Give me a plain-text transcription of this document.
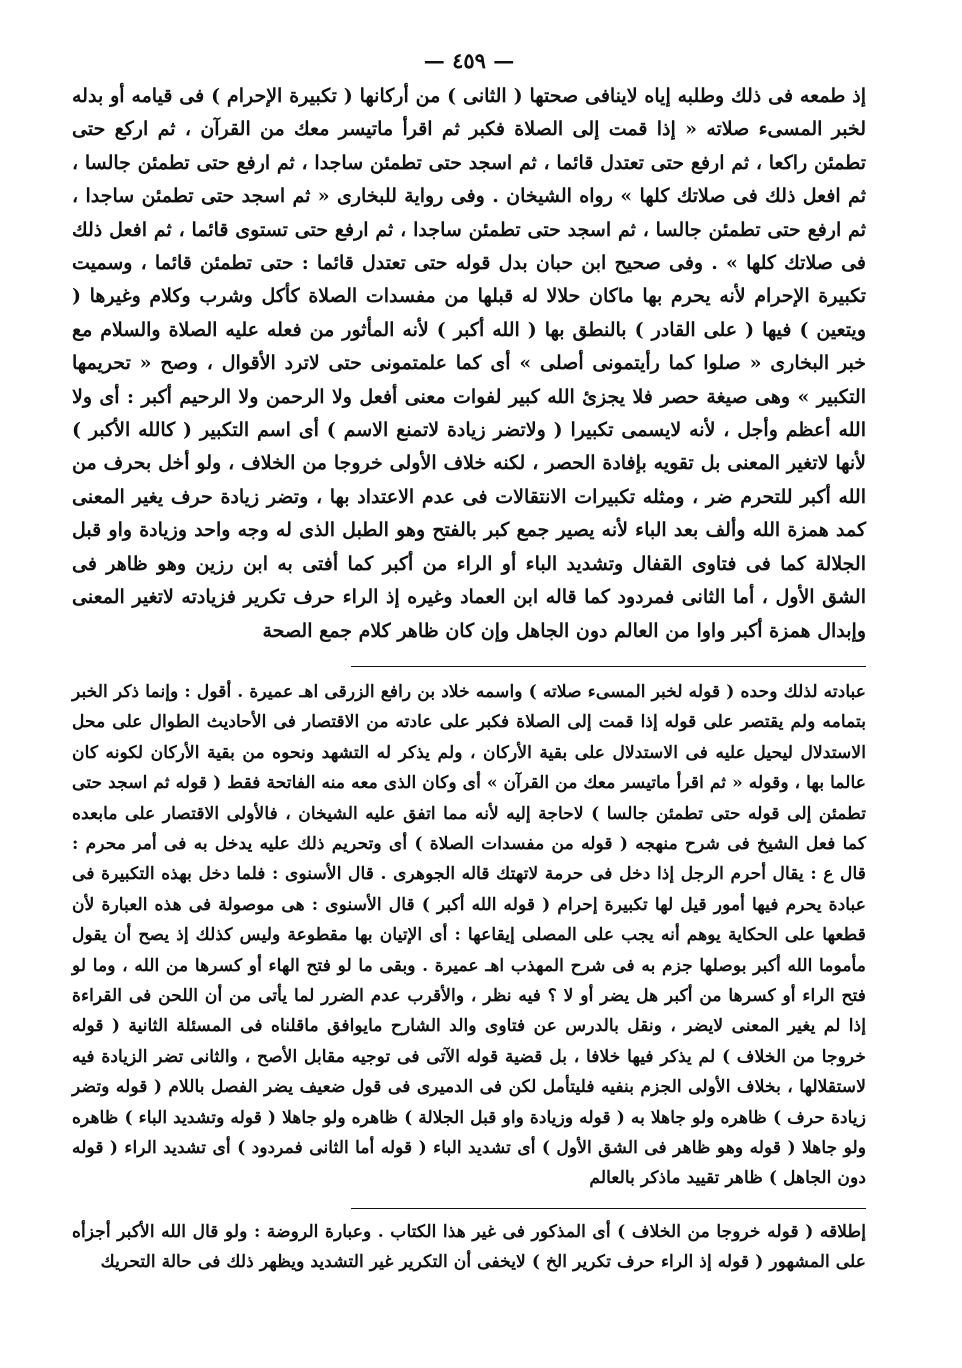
— ٤٥٩ —

إذ طمعه فى ذلك وطلبه إياه لاينافى صحتها ( الثانى ) من أركانها ( تكبيرة الإحرام ) فى قيامه أو بدله لخبر المسىء صلاته « إذا قمت إلى الصلاة فكبر ثم اقرأ ماتيسر معك من القرآن ، ثم اركع حتى تطمئن راكعا ، ثم ارفع حتى تعتدل قائما ، ثم اسجد حتى تطمئن ساجدا ، ثم ارفع حتى تطمئن جالسا ، ثم افعل ذلك فى صلاتك كلها » رواه الشيخان . وفى رواية للبخارى « ثم اسجد حتى تطمئن ساجدا ، ثم ارفع حتى تطمئن جالسا ، ثم اسجد حتى تطمئن ساجدا ، ثم ارفع حتى تستوى قائما ، ثم افعل ذلك فى صلاتك كلها » . وفى صحيح ابن حبان بدل قوله حتى تعتدل قائما : حتى تطمئن قائما ، وسميت تكبيرة الإحرام لأنه يحرم بها ماكان حلالا له قبلها من مفسدات الصلاة كأكل وشرب وكلام وغيرها ( ويتعين ) فيها ( على القادر ) بالنطق بها ( الله أكبر ) لأنه المأثور من فعله عليه الصلاة والسلام مع خبر البخارى « صلوا كما رأيتمونى أصلى » أى كما علمتمونى حتى لاترد الأقوال ، وصح « تحريمها التكبير » وهى صيغة حصر فلا يجزئ الله كبير لفوات معنى أفعل ولا الرحمن ولا الرحيم أكبر : أى ولا الله أعظم وأجل ، لأنه لايسمى تكبيرا ( ولاتضر زيادة لاتمنع الاسم ) أى اسم التكبير ( كالله الأكبر ) لأنها لاتغير المعنى بل تقويه بإفادة الحصر ، لكنه خلاف الأولى خروجا من الخلاف ، ولو أخل بحرف من الله أكبر للتحرم ضر ، ومثله تكبيرات الانتقالات فى عدم الاعتداد بها ، وتضر زيادة حرف يغير المعنى كمد همزة الله وألف بعد الباء لأنه يصير جمع كبر بالفتح وهو الطبل الذى له وجه واحد وزيادة واو قبل الجلالة كما فى فتاوى القفال وتشديد الباء أو الراء من أكبر كما أفتى به ابن رزين وهو ظاهر فى الشق الأول ، أما الثانى فمردود كما قاله ابن العماد وغيره إذ الراء حرف تكرير فزيادته لاتغير المعنى وإبدال همزة أكبر واوا من العالم دون الجاهل وإن كان ظاهر كلام جمع الصحة

عبادته لذلك وحده ( قوله لخبر المسىء صلاته ) واسمه خلاد بن رافع الزرقى اهـ عميرة . أقول : وإنما ذكر الخبر بتمامه ولم يقتصر على قوله إذا قمت إلى الصلاة فكبر على عادته من الاقتصار فى الأحاديث الطوال على محل الاستدلال ليحيل عليه فى الاستدلال على بقية الأركان ، ولم يذكر له التشهد ونحوه من بقية الأركان لكونه كان عالما بها ، وقوله « ثم اقرأ ماتيسر معك من القرآن » أى وكان الذى معه منه الفاتحة فقط ( قوله ثم اسجد حتى تطمئن إلى قوله حتى تطمئن جالسا ) لاحاجة إليه لأنه مما اتفق عليه الشيخان ، فالأولى الاقتصار على مابعده كما فعل الشيخ فى شرح منهجه ( قوله من مفسدات الصلاة ) أى وتحريم ذلك عليه يدخل به فى أمر محرم : قال ع : يقال أحرم الرجل إذا دخل فى حرمة لاتهتك قاله الجوهرى . قال الأسنوى : فلما دخل بهذه التكبيرة فى عبادة يحرم فيها أمور قيل لها تكبيرة إحرام ( قوله الله أكبر ) قال الأسنوى : هى موصولة فى هذه العبارة لأن قطعها على الحكاية يوهم أنه يجب على المصلى إيقاعها : أى الإتيان بها مقطوعة وليس كذلك إذ يصح أن يقول مأموما الله أكبر بوصلها جزم به فى شرح المهذب اهـ عميرة . وبقى ما لو فتح الهاء أو كسرها من الله ، وما لو فتح الراء أو كسرها من أكبر هل يضر أو لا ؟ فيه نظر ، والأقرب عدم الضرر لما يأتى من أن اللحن فى القراءة إذا لم يغير المعنى لايضر ، ونقل بالدرس عن فتاوى والد الشارح مايوافق ماقلناه فى المسئلة الثانية ( قوله خروجا من الخلاف ) لم يذكر فيها خلافا ، بل قضية قوله الآتى فى توجيه مقابل الأصح ، والثانى تضر الزيادة فيه لاستقلالها ، بخلاف الأولى الجزم بنفيه فليتأمل لكن فى الدميرى فى قول ضعيف يضر الفصل باللام ( قوله وتضر زيادة حرف ) ظاهره ولو جاهلا به ( قوله وزيادة واو قبل الجلالة ) ظاهره ولو جاهلا ( قوله وتشديد الباء ) ظاهره ولو جاهلا ( قوله وهو ظاهر فى الشق الأول ) أى تشديد الباء ( قوله أما الثانى فمردود ) أى تشديد الراء ( قوله دون الجاهل ) ظاهر تقييد ماذكر بالعالم

إطلاقه ( قوله خروجا من الخلاف ) أى المذكور فى غير هذا الكتاب . وعبارة الروضة : ولو قال الله الأكبر أجزأه على المشهور ( قوله إذ الراء حرف تكرير الخ ) لايخفى أن التكرير غير التشديد ويظهر ذلك فى حالة التحريك
